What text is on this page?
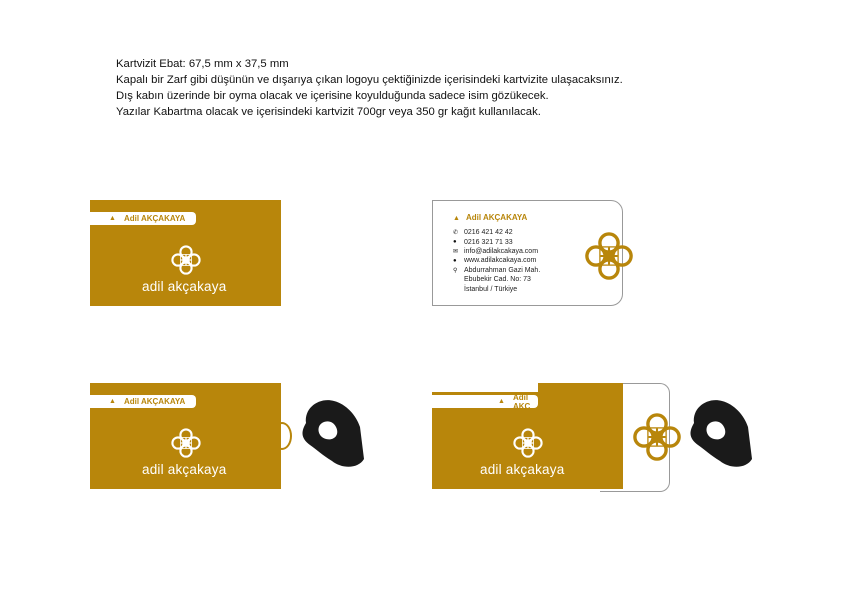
Kartvizit Ebat: 67,5 mm x 37,5 mm
Kapalı bir Zarf gibi düşünün ve dışarıya çıkan logoyu çektiğinizde içerisindeki kartvizite ulaşacaksınız.
Dış kabın üzerinde bir oyma olacak ve içerisine koyulduğunda sadece isim gözükecek.
Yazılar Kabartma olacak ve içerisindeki kartvizit 700gr veya 350 gr kağıt kullanılacak.
▲ Adil AKÇAKAYA
adil akçakaya
▲ Adil AKÇAKAYA
✆ 0216 421 42 42
●	0216 321 71 33
✉ info@adilakcakaya.com
●	www.adilakcakaya.com
⚲ Abdurrahman Gazi Mah.
Ebubekir Cad. No: 73
İstanbul / Türkiye
▲ Adil AKÇAKAYA
adil akçakaya
▲ Adil AKÇ
adil akçakaya
